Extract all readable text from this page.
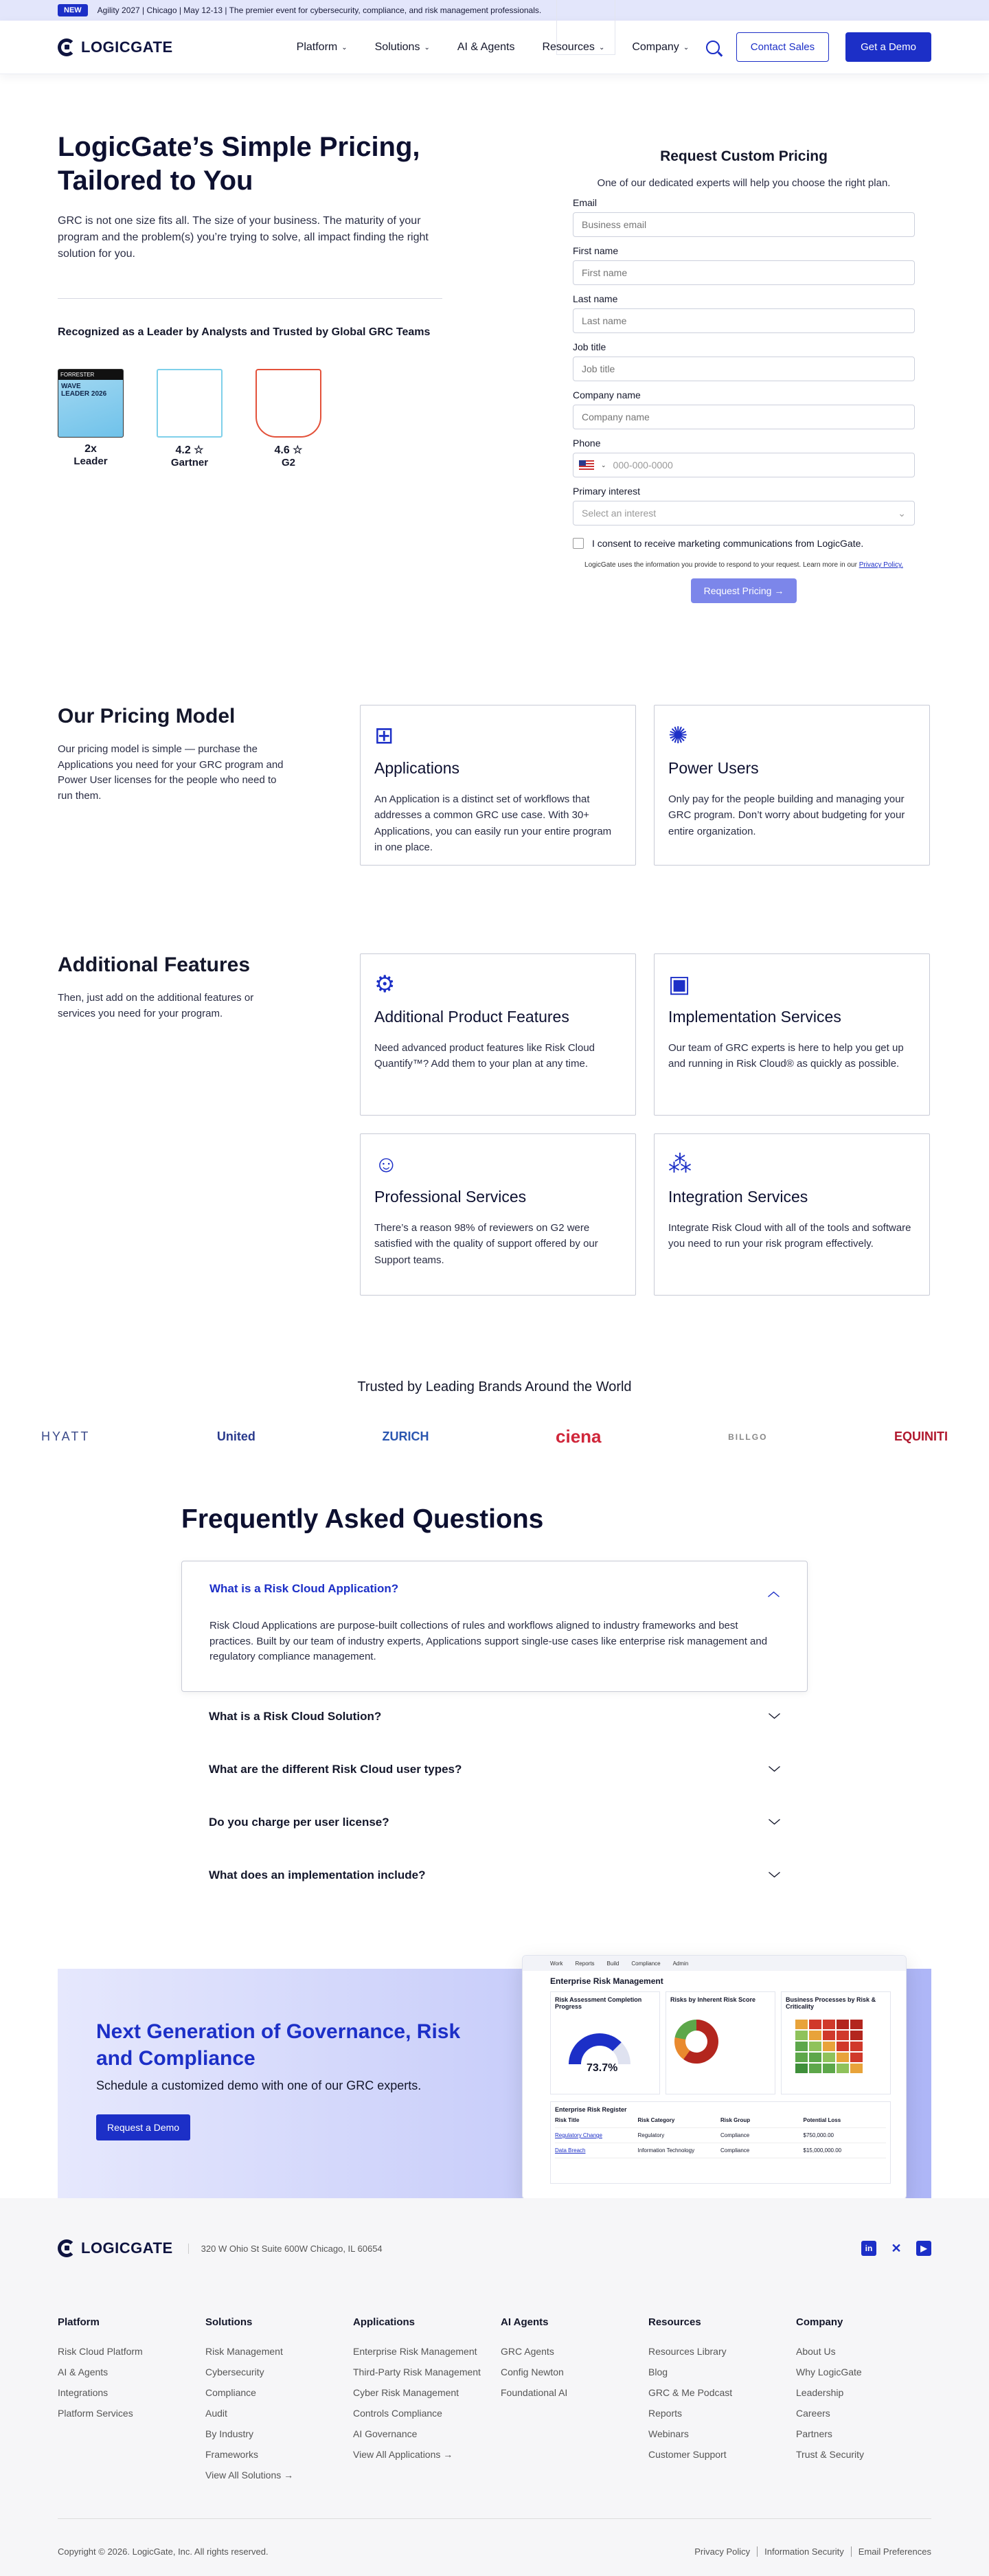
NEW	Agility 2027 | Chicago | May 12-13 | The premier event for cybersecurity, compliance, and risk management professionals.
LOGICGATE	Platform ⌄	Solutions ⌄	AI & Agents	Resources ⌄	Company ⌄	Contact Sales	Get a Demo
LogicGate’s Simple Pricing, Tailored to You

GRC is not one size fits all. The size of your business. The maturity of your program and the problem(s) you’re trying to solve, all impact finding the right solution for you.

Recognized as a Leader by Analysts and Trusted by Global GRC Teams
FORRESTER
WAVE
LEADER 2026
2x
Leader
4.2 ☆
Gartner
4.6 ☆
G2
Request Custom Pricing
One of our dedicated experts will help you choose the right plan.
Email
Business email
First name
First name
Last name
Last name
Job title
Job title
Company name
Company name
Phone
⌄ 000-000-0000
Primary interest
Select an interest	⌄
I consent to receive marketing communications from LogicGate.
LogicGate uses the information you provide to respond to your request. Learn more in our Privacy Policy.
Request Pricing →
Our Pricing Model

Our pricing model is simple — purchase the Applications you need for your GRC program and Power User licenses for the people who need to run them.

⊞
Applications

An Application is a distinct set of workflows that addresses a common GRC use case. With 30+ Applications, you can easily run your entire program in one place.

✺
Power Users

Only pay for the people building and managing your GRC program. Don’t worry about budgeting for your entire organization.

Additional Features

Then, just add on the additional features or services you need for your program.

⚙
Additional Product Features

Need advanced product features like Risk Cloud Quantify™? Add them to your plan at any time.

▣
Implementation Services

Our team of GRC experts is here to help you get up and running in Risk Cloud® as quickly as possible.

☺
Professional Services

There’s a reason 98% of reviewers on G2 were satisfied with the quality of support offered by our Support teams.

⁂
Integration Services

Integrate Risk Cloud with all of the tools and software you need to run your risk program effectively.

Trusted by Leading Brands Around the World
HYATT	United	ZURICH	ciena	BILLGO	EQUINITI
Frequently Asked Questions
What is a Risk Cloud Application?	︿

Risk Cloud Applications are purpose-built collections of rules and workflows aligned to industry frameworks and best practices. Built by our team of industry experts, Applications support single-use cases like enterprise risk management and regulatory compliance management.

What is a Risk Cloud Solution?	﹀
What are the different Risk Cloud user types?	﹀
Do you charge per user license?	﹀
What does an implementation include?	﹀
Next Generation of Governance, Risk and Compliance

Schedule a customized demo with one of our GRC experts.

Request a Demo
Work Reports Build Compliance Admin
Enterprise Risk Management
Risk Assessment Completion Progress
73.7%
Risks by Inherent Risk Score	Business Processes by Risk & Criticality
Enterprise Risk Register
Risk Title	Risk Category	Risk Group	Potential Loss
Regulatory Change	Regulatory	Compliance	$750,000.00
Data Breach	Information Technology	Compliance	$15,000,000.00
LOGICGATE	320 W Ohio St Suite 600W Chicago, IL 60654	in	✕	▶
Platform
Risk Cloud Platform
AI & Agents
Integrations
Platform Services
Solutions
Risk Management
Cybersecurity
Compliance
Audit
By Industry
Frameworks
View All Solutions →
Applications
Enterprise Risk Management
Third-Party Risk Management
Cyber Risk Management
Controls Compliance
AI Governance
View All Applications →
AI Agents
GRC Agents
Config Newton
Foundational AI
Resources
Resources Library
Blog
GRC & Me Podcast
Reports
Webinars
Customer Support
Company
About Us
Why LogicGate
Leadership
Careers
Partners
Trust & Security
Copyright © 2026. LogicGate, Inc. All rights reserved.	Privacy Policy Information Security Email Preferences
